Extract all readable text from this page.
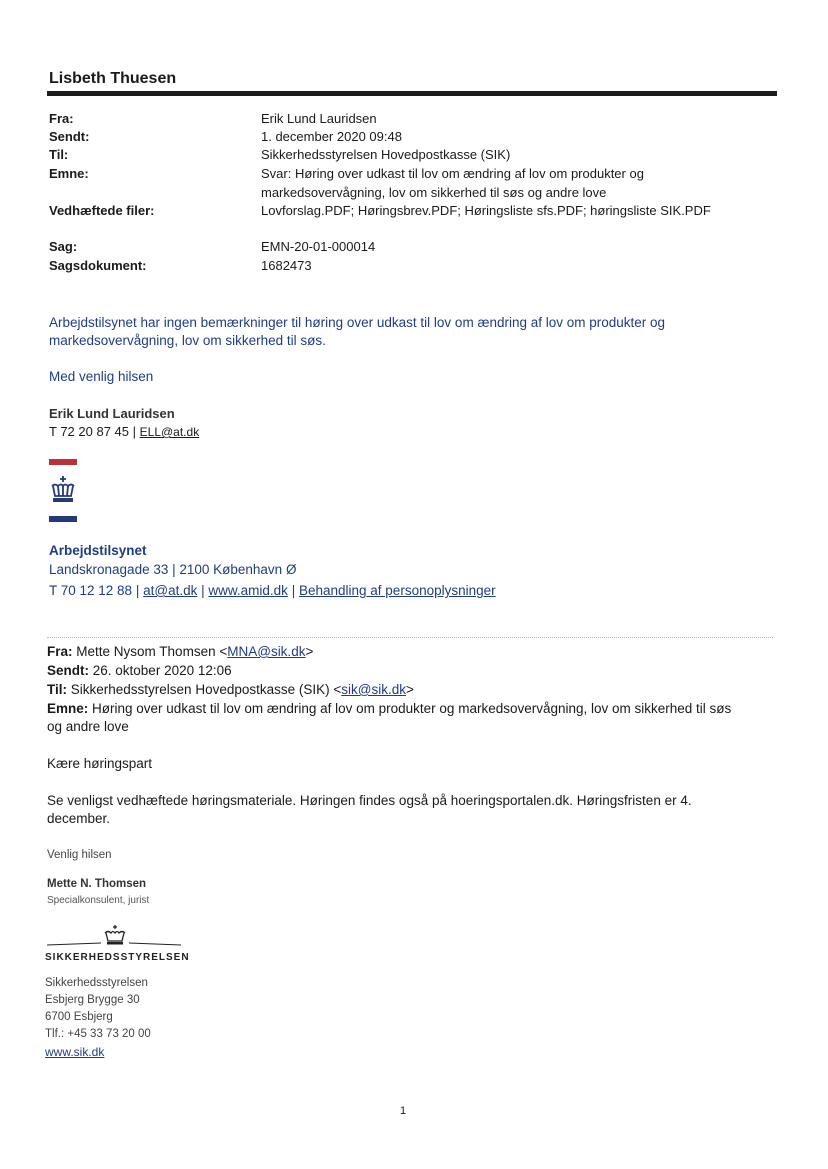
Lisbeth Thuesen
Fra:	Erik Lund Lauridsen
Sendt:	1. december 2020 09:48
Til:	Sikkerhedsstyrelsen Hovedpostkasse (SIK)
Emne:	Svar: Høring over udkast til lov om ændring af lov om produkter og
markedsovervågning, lov om sikkerhed til søs og andre love
Vedhæftede filer:	Lovforslag.PDF; Høringsbrev.PDF; Høringsliste sfs.PDF; høringsliste SIK.PDF
Sag:	EMN-20-01-000014
Sagsdokument:	1682473
Arbejdstilsynet har ingen bemærkninger til høring over udkast til lov om ændring af lov om produkter og
markedsovervågning, lov om sikkerhed til søs.
Med venlig hilsen
Erik Lund Lauridsen
T 72 20 87 45 | ELL@at.dk
Arbejdstilsynet
Landskronagade 33 | 2100 København Ø
T 70 12 12 88 | at@at.dk | www.amid.dk | Behandling af personoplysninger
Fra: Mette Nysom Thomsen <MNA@sik.dk>
Sendt: 26. oktober 2020 12:06
Til: Sikkerhedsstyrelsen Hovedpostkasse (SIK) <sik@sik.dk>
Emne: Høring over udkast til lov om ændring af lov om produkter og markedsovervågning, lov om sikkerhed til søs
og andre love
Kære høringspart
Se venligst vedhæftede høringsmateriale. Høringen findes også på hoeringsportalen.dk. Høringsfristen er 4.
december.
Venlig hilsen
Mette N. Thomsen
Specialkonsulent, jurist
SIKKERHEDSSTYRELSEN
Sikkerhedsstyrelsen
Esbjerg Brygge 30
6700 Esbjerg
Tlf.: +45 33 73 20 00
www.sik.dk
1
